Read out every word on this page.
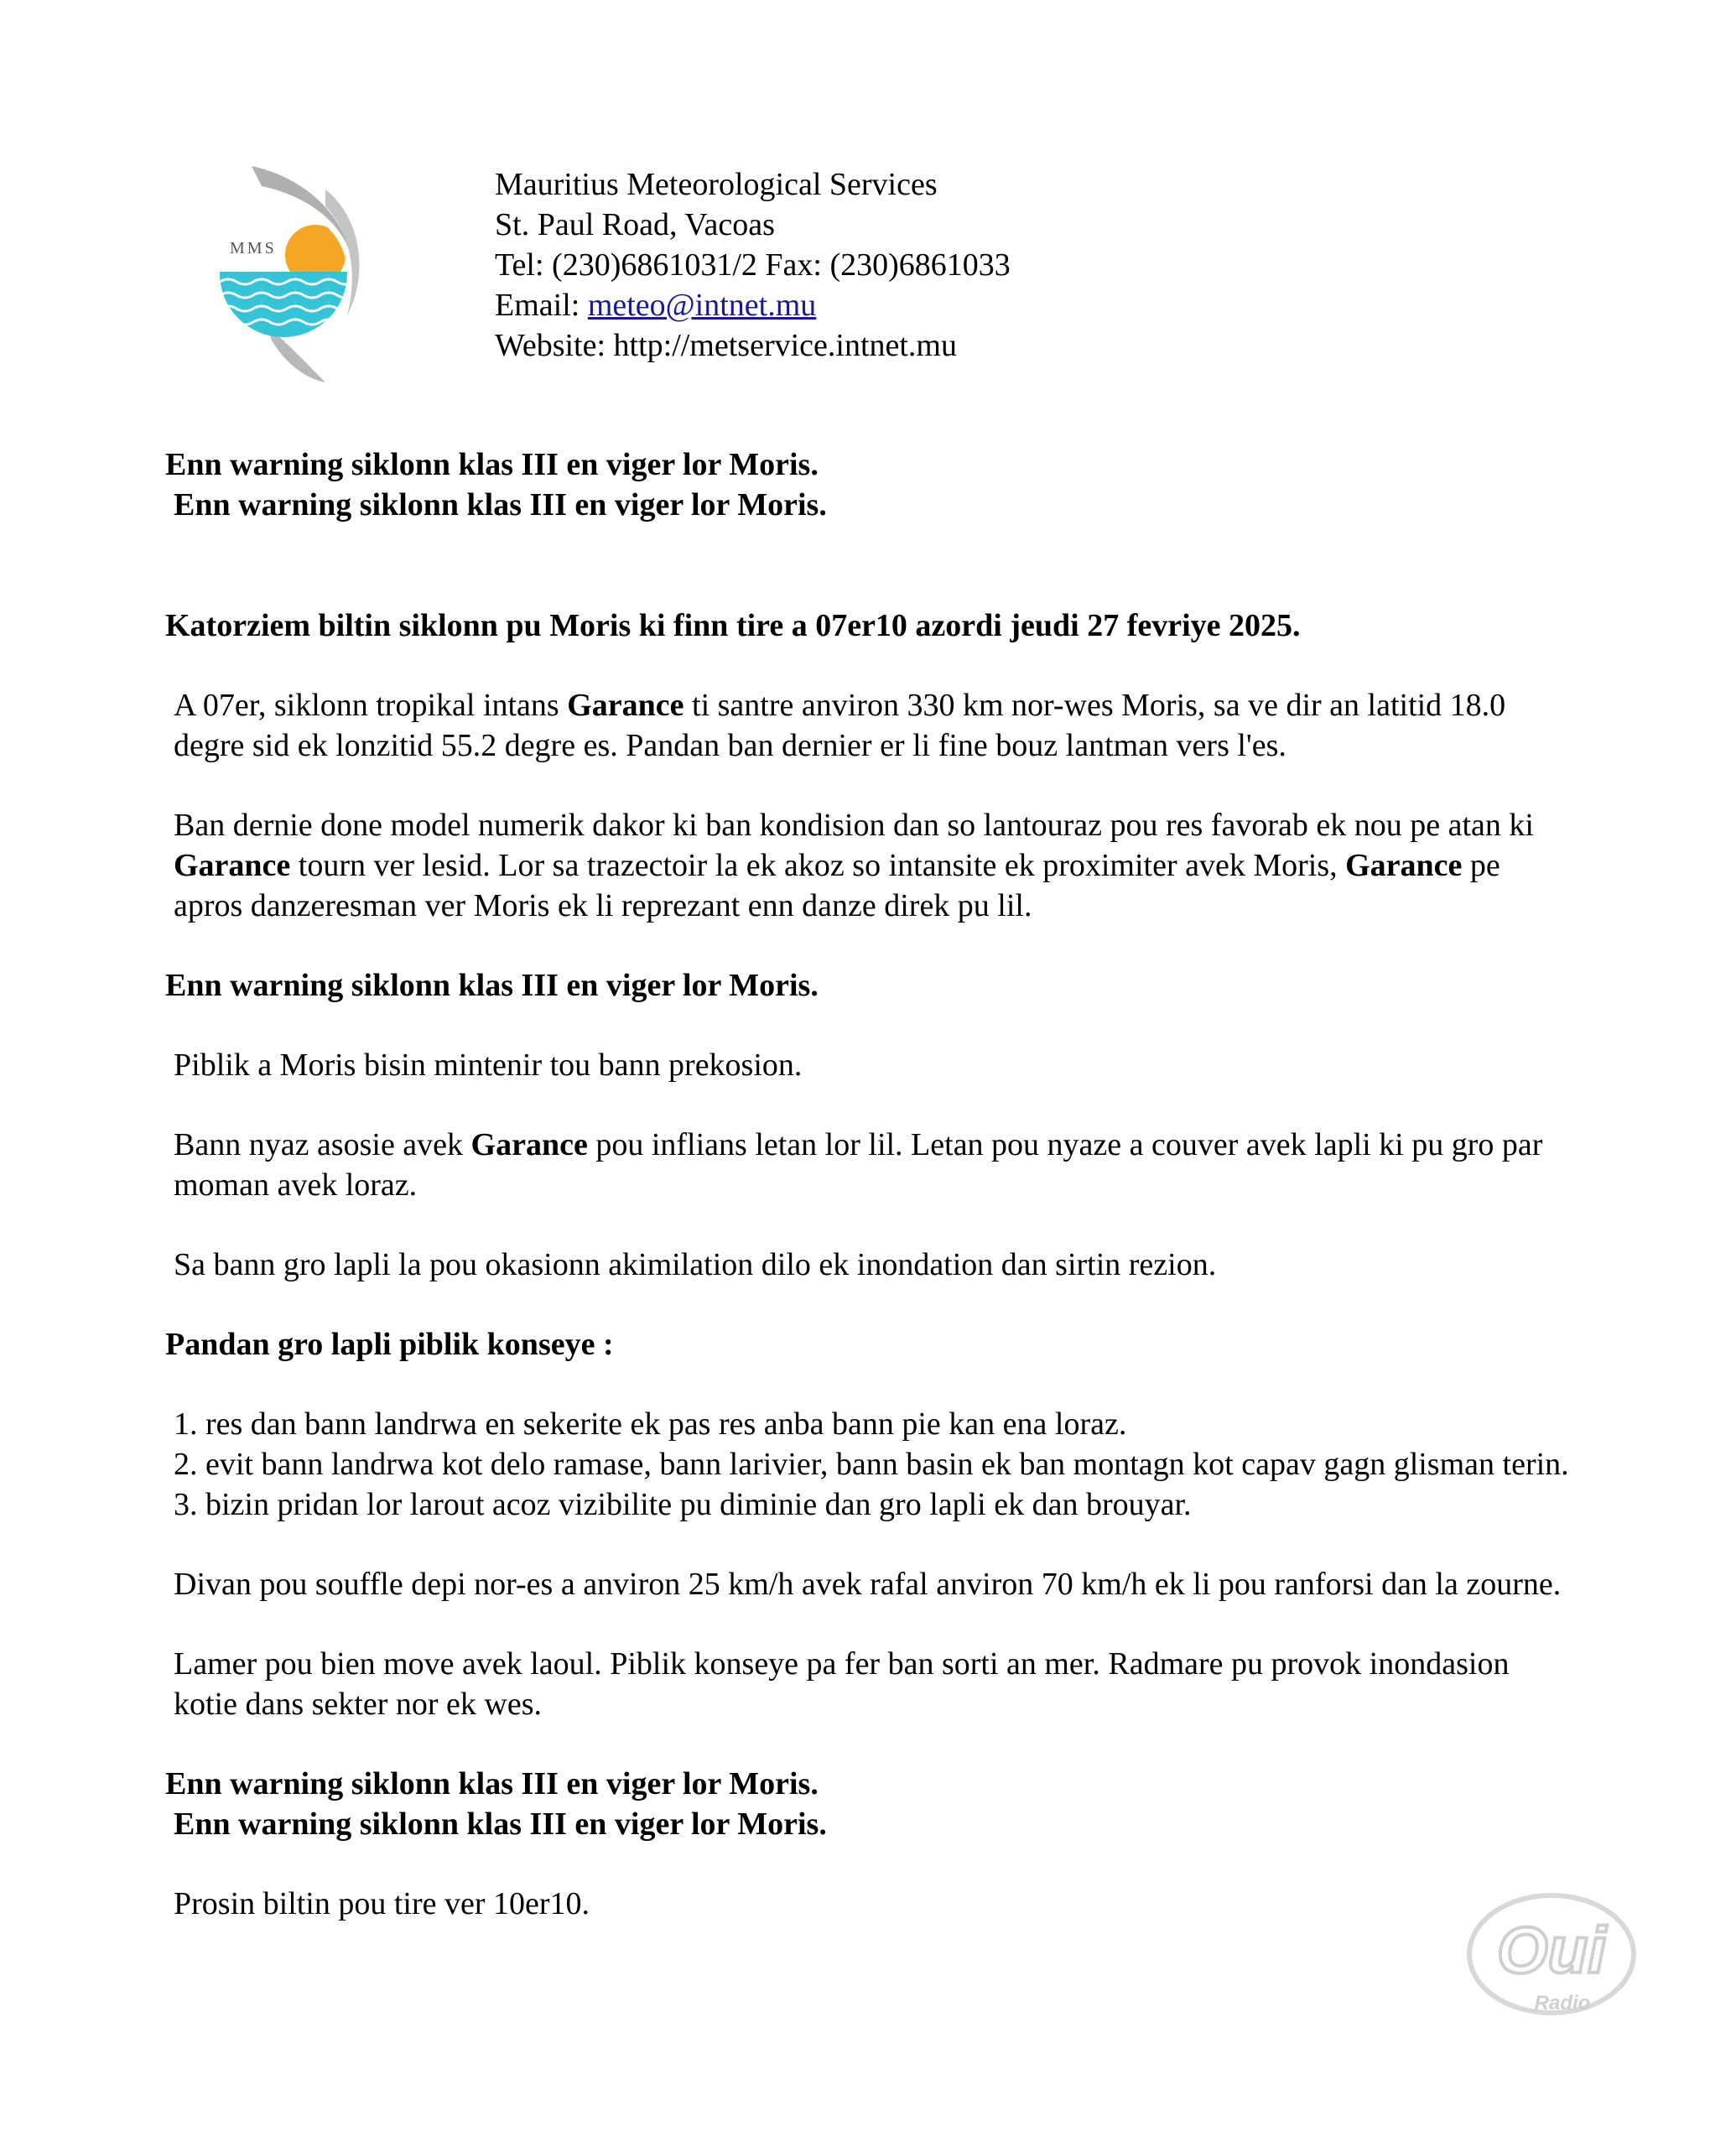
MMS
Mauritius Meteorological Services
St. Paul Road, Vacoas
Tel: (230)6861031/2 Fax: (230)6861033
Email: meteo@intnet.mu
Website: http://metservice.intnet.mu
Enn warning siklonn klas III en viger lor Moris.
Enn warning siklonn klas III en viger lor Moris.
Katorziem biltin siklonn pu Moris ki finn tire a 07er10 azordi jeudi 27 fevriye 2025.
A 07er, siklonn tropikal intans Garance ti santre anviron 330 km nor-wes Moris, sa ve dir an latitid 18.0 degre sid ek lonzitid 55.2 degre es. Pandan ban dernier er li fine bouz lantman vers l'es.
Ban dernie done model numerik dakor ki ban kondision dan so lantouraz pou res favorab ek nou pe atan ki Garance tourn ver lesid. Lor sa trazectoir la ek akoz so intansite ek proximiter avek Moris, Garance pe apros danzeresman ver Moris ek li reprezant enn danze direk pu lil.
Enn warning siklonn klas III en viger lor Moris.
Piblik a Moris bisin mintenir tou bann prekosion.
Bann nyaz asosie avek Garance pou inflians letan lor lil. Letan pou nyaze a couver avek lapli ki pu gro par moman avek loraz.
Sa bann gro lapli la pou okasionn akimilation dilo ek inondation dan sirtin rezion.
Pandan gro lapli piblik konseye :
1. res dan bann landrwa en sekerite ek pas res anba bann pie kan ena loraz.
2. evit bann landrwa kot delo ramase, bann larivier, bann basin ek ban montagn kot capav gagn glisman terin.
3. bizin pridan lor larout acoz vizibilite pu diminie dan gro lapli ek dan brouyar.
Divan pou souffle depi nor-es a anviron 25 km/h avek rafal anviron 70 km/h ek li pou ranforsi dan la zourne.
Lamer pou bien move avek laoul. Piblik konseye pa fer ban sorti an mer. Radmare pu provok inondasion kotie dans sekter nor ek wes.
Enn warning siklonn klas III en viger lor Moris.
Enn warning siklonn klas III en viger lor Moris.
Prosin biltin pou tire ver 10er10.
Oui
Radio
